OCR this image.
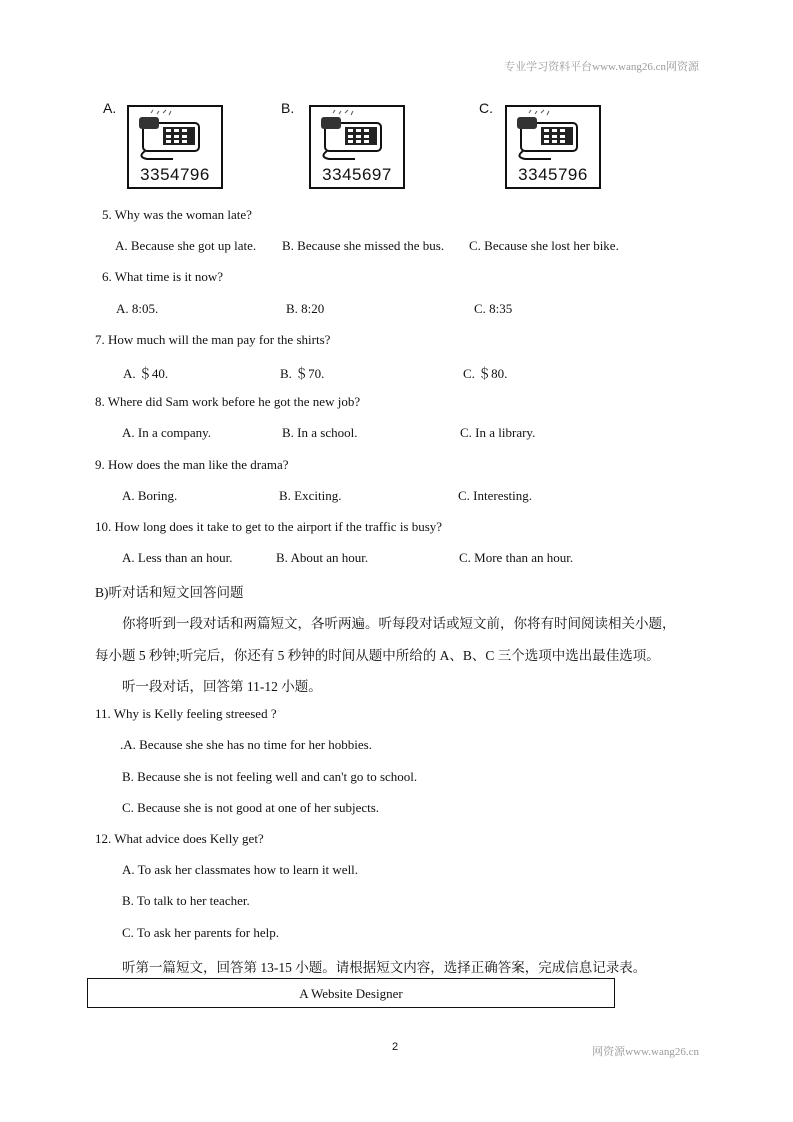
专业学习资料平台www.wang26.cn网资源
A.
3354796
B.
3345697
C.
3345796
5. Why was the woman late?
A. Because she got up late. B. Because she missed the bus. C. Because she lost her bike.
6. What time is it now?
A. 8:05.	B. 8:20	C. 8:35
7. How much will the man pay for the shirts?
A. ＄40.	B. ＄70.	C. ＄80.
8. Where did Sam work before he got the new job?
A. In a company.	B. In a school.	C. In a library.
9. How does the man like the drama?
A. Boring.	B. Exciting.	C. Interesting.
10. How long does it take to get to the airport if the traffic is busy?
A. Less than an hour.	B. About an hour.	C. More than an hour.
B)听对话和短文回答问题
你将听到一段对话和两篇短文，各听两遍。听每段对话或短文前，你将有时间阅读相关小题，
每小题 5 秒钟;听完后，你还有 5 秒钟的时间从题中所给的 A、B、C 三个选项中选出最佳选项。
听一段对话，回答第 11-12 小题。
11. Why is Kelly feeling streesed ?
.A. Because she she has no time for her hobbies.
B. Because she is not feeling well and can't go to school.
C. Because she is not good at one of her subjects.
12. What advice does Kelly get?
A. To ask her classmates how to learn it well.
B. To talk to her teacher.
C. To ask her parents for help.
听第一篇短文，回答第 13-15 小题。请根据短文内容，选择正确答案，完成信息记录表。
A Website Designer
2	网资源www.wang26.cn
